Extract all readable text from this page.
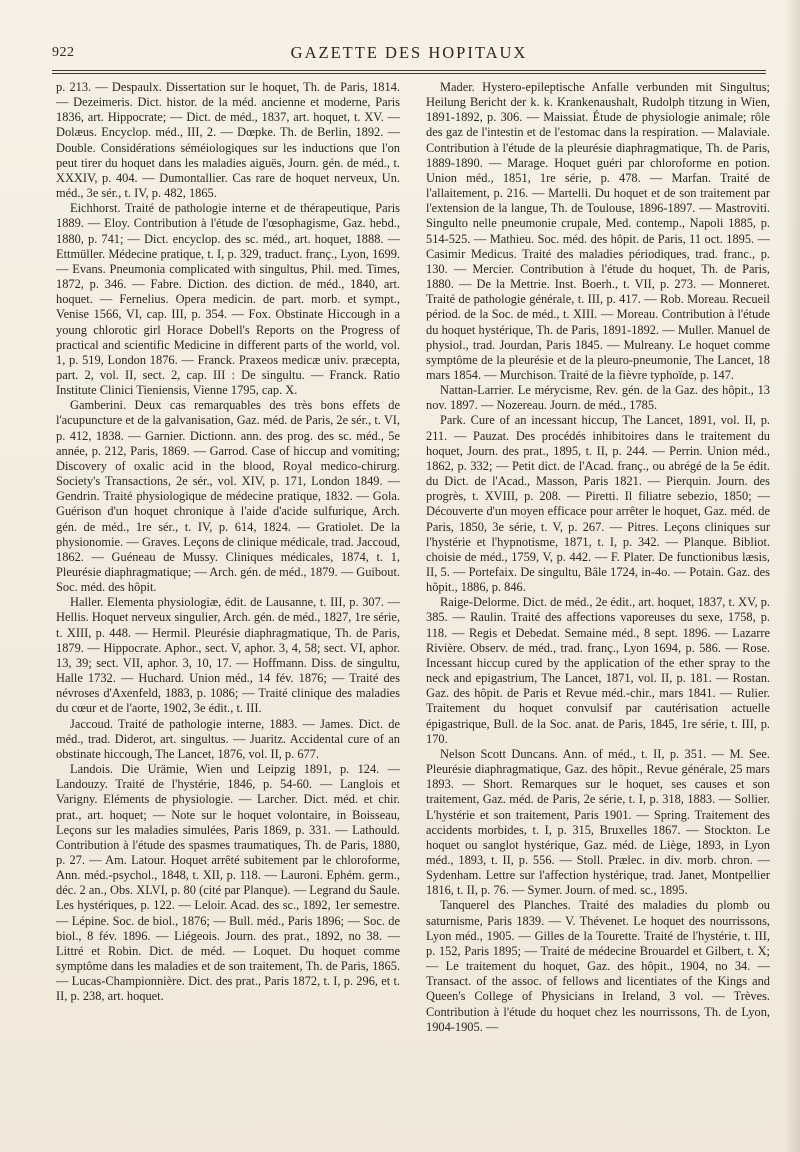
922	GAZETTE DES HOPITAUX

p. 213. — Despaulx. Dissertation sur le hoquet, Th. de Paris, 1814. — Dezeimeris. Dict. histor. de la méd. ancienne et moderne, Paris 1836, art. Hippocrate; — Dict. de méd., 1837, art. hoquet, t. XV. — Dolæus. Encyclop. méd., III, 2. — Dœpke. Th. de Berlin, 1892. — Double. Considérations séméiologiques sur les inductions que l'on peut tirer du hoquet dans les maladies aiguës, Journ. gén. de méd., t. XXXIV, p. 404. — Dumontallier. Cas rare de hoquet nerveux, Un. méd., 3e sér., t. IV, p. 482, 1865.

Eichhorst. Traité de pathologie interne et de thérapeutique, Paris 1889. — Eloy. Contribution à l'étude de l'œsophagisme, Gaz. hebd., 1880, p. 741; — Dict. encyclop. des sc. méd., art. hoquet, 1888. — Ettmüller. Médecine pratique, t. I, p. 329, traduct. franç., Lyon, 1699. — Evans. Pneumonia complicated with singultus, Phil. med. Times, 1872, p. 346. — Fabre. Diction. des diction. de méd., 1840, art. hoquet. — Fernelius. Opera medicin. de part. morb. et sympt., Venise 1566, VI, cap. III, p. 354. — Fox. Obstinate Hiccough in a young chlorotic girl Horace Dobell's Reports on the Progress of practical and scientific Medicine in different parts of the world, vol. 1, p. 519, London 1876. — Franck. Praxeos medicæ univ. præcepta, part. 2, vol. II, sect. 2, cap. III : De singultu. — Franck. Ratio Institute Clinici Tieniensis, Vienne 1795, cap. X.

Gamberini. Deux cas remarquables des très bons effets de l'acupuncture et de la galvanisation, Gaz. méd. de Paris, 2e sér., t. VI, p. 412, 1838. — Garnier. Dictionn. ann. des prog. des sc. méd., 5e année, p. 212, Paris, 1869. — Garrod. Case of hiccup and vomiting; Discovery of oxalic acid in the blood, Royal medico-chirurg. Society's Transactions, 2e sér., vol. XIV, p. 171, London 1849. — Gendrin. Traité physiologique de médecine pratique, 1832. — Gola. Guérison d'un hoquet chronique à l'aide d'acide sulfurique, Arch. gén. de méd., 1re sér., t. IV, p. 614, 1824. — Gratiolet. De la physionomie. — Graves. Leçons de clinique médicale, trad. Jaccoud, 1862. — Guéneau de Mussy. Cliniques médicales, 1874, t. 1, Pleurésie diaphragmatique; — Arch. gén. de méd., 1879. — Guibout. Soc. méd. des hôpit.

Haller. Elementa physiologiæ, édit. de Lausanne, t. III, p. 307. — Hellis. Hoquet nerveux singulier, Arch. gén. de méd., 1827, 1re série, t. XIII, p. 448. — Hermil. Pleurésie diaphragmatique, Th. de Paris, 1879. — Hippocrate. Aphor., sect. V, aphor. 3, 4, 58; sect. VI, aphor. 13, 39; sect. VII, aphor. 3, 10, 17. — Hoffmann. Diss. de singultu, Halle 1732. — Huchard. Union méd., 14 fév. 1876; — Traité des névroses d'Axenfeld, 1883, p. 1086; — Traité clinique des maladies du cœur et de l'aorte, 1902, 3e édit., t. III.

Jaccoud. Traité de pathologie interne, 1883. — James. Dict. de méd., trad. Diderot, art. singultus. — Juaritz. Accidental cure of an obstinate hiccough, The Lancet, 1876, vol. II, p. 677.

Landois. Die Urämie, Wien und Leipzig 1891, p. 124. — Landouzy. Traité de l'hystérie, 1846, p. 54-60. — Langlois et Varigny. Eléments de physiologie. — Larcher. Dict. méd. et chir. prat., art. hoquet; — Note sur le hoquet volontaire, in Boisseau, Leçons sur les maladies simulées, Paris 1869, p. 331. — Lathould. Contribution à l'étude des spasmes traumatiques, Th. de Paris, 1880, p. 27. — Am. Latour. Hoquet arrêté subitement par le chloroforme, Ann. méd.-psychol., 1848, t. XII, p. 118. — Lauroni. Ephém. germ., déc. 2 an., Obs. XLVI, p. 80 (cité par Planque). — Legrand du Saule. Les hystériques, p. 122. — Leloir. Acad. des sc., 1892, 1er semestre. — Lépine. Soc. de biol., 1876; — Bull. méd., Paris 1896; — Soc. de biol., 8 fév. 1896. — Liégeois. Journ. des prat., 1892, no 38. — Littré et Robin. Dict. de méd. — Loquet. Du hoquet comme symptôme dans les maladies et de son traitement, Th. de Paris, 1865. — Lucas-Championnière. Dict. des prat., Paris 1872, t. I, p. 296, et t. II, p. 238, art. hoquet.

Mader. Hystero-epileptische Anfalle verbunden mit Singultus; Heilung Bericht der k. k. Krankenaushalt, Rudolph titzung in Wien, 1891-1892, p. 306. — Maissiat. Étude de physiologie animale; rôle des gaz de l'intestin et de l'estomac dans la respiration. — Malaviale. Contribution à l'étude de la pleurésie diaphragmatique, Th. de Paris, 1889-1890. — Marage. Hoquet guéri par chloroforme en potion. Union méd., 1851, 1re série, p. 478. — Marfan. Traité de l'allaitement, p. 216. — Martelli. Du hoquet et de son traitement par l'extension de la langue, Th. de Toulouse, 1896-1897. — Mastroviti. Singulto nelle pneumonie crupale, Med. contemp., Napoli 1885, p. 514-525. — Mathieu. Soc. méd. des hôpit. de Paris, 11 oct. 1895. — Casimir Medicus. Traité des maladies périodiques, trad. franc., p. 130. — Mercier. Contribution à l'étude du hoquet, Th. de Paris, 1880. — De la Mettrie. Inst. Boerh., t. VII, p. 273. — Monneret. Traité de pathologie générale, t. III, p. 417. — Rob. Moreau. Recueil périod. de la Soc. de méd., t. XIII. — Moreau. Contribution à l'étude du hoquet hystérique, Th. de Paris, 1891-1892. — Muller. Manuel de physiol., trad. Jourdan, Paris 1845. — Mulreany. Le hoquet comme symptôme de la pleurésie et de la pleuro-pneumonie, The Lancet, 18 mars 1854. — Murchison. Traité de la fièvre typhoïde, p. 147.

Nattan-Larrier. Le mérycisme, Rev. gén. de la Gaz. des hôpit., 13 nov. 1897. — Nozereau. Journ. de méd., 1785.

Park. Cure of an incessant hiccup, The Lancet, 1891, vol. II, p. 211. — Pauzat. Des procédés inhibitoires dans le traitement du hoquet, Journ. des prat., 1895, t. II, p. 244. — Perrin. Union méd., 1862, p. 332; — Petit dict. de l'Acad. franç., ou abrégé de la 5e édit. du Dict. de l'Acad., Masson, Paris 1821. — Pierquin. Journ. des progrès, t. XVIII, p. 208. — Piretti. Il filiatre sebezio, 1850; — Découverte d'un moyen efficace pour arrêter le hoquet, Gaz. méd. de Paris, 1850, 3e série, t. V, p. 267. — Pitres. Leçons cliniques sur l'hystérie et l'hypnotisme, 1871, t. I, p. 342. — Planque. Bibliot. choisie de méd., 1759, V, p. 442. — F. Plater. De functionibus læsis, II, 5. — Portefaix. De singultu, Bâle 1724, in-4o. — Potain. Gaz. des hôpit., 1886, p. 846.

Raige-Delorme. Dict. de méd., 2e édit., art. hoquet, 1837, t. XV, p. 385. — Raulin. Traité des affections vaporeuses du sexe, 1758, p. 118. — Regis et Debedat. Semaine méd., 8 sept. 1896. — Lazarre Rivière. Observ. de méd., trad. franç., Lyon 1694, p. 586. — Rose. Incessant hiccup cured by the application of the ether spray to the neck and epigastrium, The Lancet, 1871, vol. II, p. 181. — Rostan. Gaz. des hôpit. de Paris et Revue méd.-chir., mars 1841. — Rulier. Traitement du hoquet convulsif par cautérisation actuelle épigastrique, Bull. de la Soc. anat. de Paris, 1845, 1re série, t. III, p. 170.

Nelson Scott Duncans. Ann. of méd., t. II, p. 351. — M. See. Pleurésie diaphragmatique, Gaz. des hôpit., Revue générale, 25 mars 1893. — Short. Remarques sur le hoquet, ses causes et son traitement, Gaz. méd. de Paris, 2e série, t. I, p. 318, 1883. — Sollier. L'hystérie et son traitement, Paris 1901. — Spring. Traitement des accidents morbides, t. I, p. 315, Bruxelles 1867. — Stockton. Le hoquet ou sanglot hystérique, Gaz. méd. de Liège, 1893, in Lyon méd., 1893, t. II, p. 556. — Stoll. Prælec. in div. morb. chron. — Sydenham. Lettre sur l'affection hystérique, trad. Janet, Montpellier 1816, t. II, p. 76. — Symer. Journ. of med. sc., 1895.

Tanquerel des Planches. Traité des maladies du plomb ou saturnisme, Paris 1839. — V. Thévenet. Le hoquet des nourrissons, Lyon méd., 1905. — Gilles de la Tourette. Traité de l'hystérie, t. III, p. 152, Paris 1895; — Traité de médecine Brouardel et Gilbert, t. X; — Le traitement du hoquet, Gaz. des hôpit., 1904, no 34. — Transact. of the assoc. of fellows and licentiates of the Kings and Queen's College of Physicians in Ireland, 3 vol. — Trèves. Contribution à l'étude du hoquet chez les nourrissons, Th. de Lyon, 1904-1905. —
